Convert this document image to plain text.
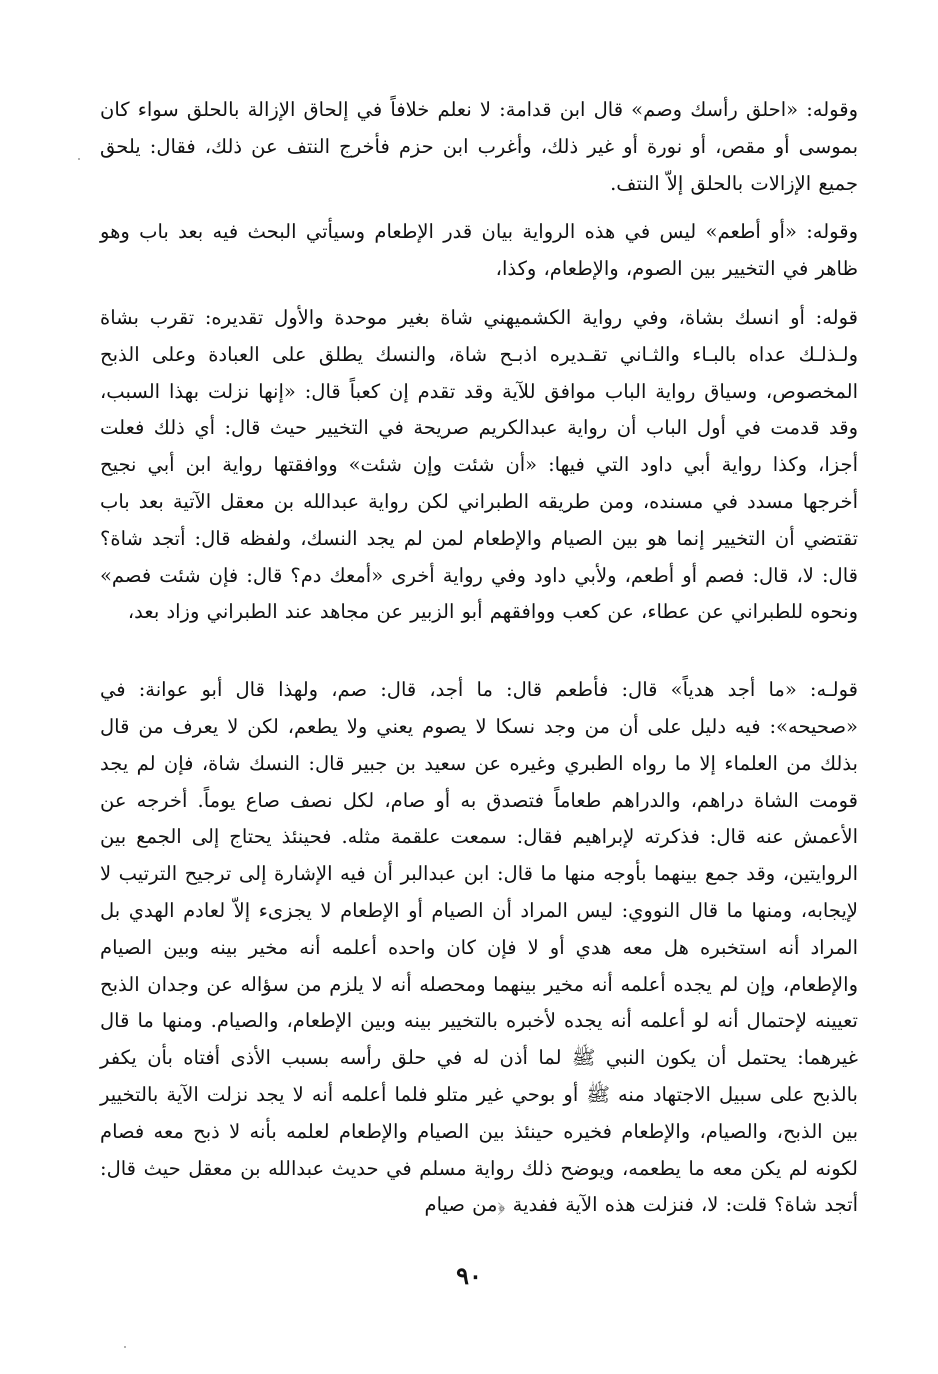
وقوله: «احلق رأسك وصم» قال ابن قدامة: لا نعلم خلافاً في إلحاق الإزالة بالحلق سواء كان بموسى أو مقص، أو نورة أو غير ذلك، وأغرب ابن حزم فأخرج النتف عن ذلك، فقال: يلحق جميع الإزالات بالحلق إلاّ النتف.

وقوله: «أو أطعم» ليس في هذه الرواية بيان قدر الإطعام وسيأتي البحث فيه بعد باب وهو ظاهر في التخيير بين الصوم، والإطعام، وكذا،

قوله: أو انسك بشاة، وفي رواية الكشميهني شاة بغير موحدة والأول تقديره: تقرب بشاة ولـذلـك عداه بالبـاء والثـاني تقـديره اذبـح شاة، والنسك يطلق على العبادة وعلى الذبح المخصوص، وسياق رواية الباب موافق للآية وقد تقدم إن كعباً قال: «إنها نزلت بهذا السبب، وقد قدمت في أول الباب أن رواية عبدالكريم صريحة في التخيير حيث قال: أي ذلك فعلت أجزا، وكذا رواية أبي داود التي فيها: «أن شئت وإن شئت» ووافقتها رواية ابن أبي نجيح أخرجها مسدد في مسنده، ومن طريقه الطبراني لكن رواية عبدالله بن معقل الآتية بعد باب تقتضي أن التخيير إنما هو بين الصيام والإطعام لمن لم يجد النسك، ولفظه قال: أتجد شاة؟ قال: لا، قال: فصم أو أطعم، ولأبي داود وفي رواية أخرى «أمعك دم؟ قال: فإن شئت فصم» ونحوه للطبراني عن عطاء، عن كعب ووافقهم أبو الزبير عن مجاهد عند الطبراني وزاد بعد،

قولـه: «ما أجد هدياً» قال: فأطعم قال: ما أجد، قال: صم، ولهذا قال أبو عوانة: في «صحيحه»: فيه دليل على أن من وجد نسكا لا يصوم يعني ولا يطعم، لكن لا يعرف من قال بذلك من العلماء إلا ما رواه الطبري وغيره عن سعيد بن جبير قال: النسك شاة، فإن لم يجد قومت الشاة دراهم، والدراهم طعاماً فتصدق به أو صام، لكل نصف صاع يوماً. أخرجه عن الأعمش عنه قال: فذكرته لإبراهيم فقال: سمعت علقمة مثله. فحينئذ يحتاج إلى الجمع بين الروايتين، وقد جمع بينهما بأوجه منها ما قال: ابن عبدالبر أن فيه الإشارة إلى ترجيح الترتيب لا لإيجابه، ومنها ما قال النووي: ليس المراد أن الصيام أو الإطعام لا يجزىء إلاّ لعادم الهدي بل المراد أنه استخبره هل معه هدي أو لا فإن كان واحده أعلمه أنه مخير بينه وبين الصيام والإطعام، وإن لم يجده أعلمه أنه مخير بينهما ومحصله أنه لا يلزم من سؤاله عن وجدان الذبح تعيينه لإحتمال أنه لو أعلمه أنه يجده لأخبره بالتخيير بينه وبين الإطعام، والصيام. ومنها ما قال غيرهما: يحتمل أن يكون النبي ﷺ لما أذن له في حلق رأسه بسبب الأذى أفتاه بأن يكفر بالذبح على سبيل الاجتهاد منه ﷺ أو بوحي غير متلو فلما أعلمه أنه لا يجد نزلت الآية بالتخيير بين الذبح، والصيام، والإطعام فخيره حينئذ بين الصيام والإطعام لعلمه بأنه لا ذبح معه فصام لكونه لم يكن معه ما يطعمه، ويوضح ذلك رواية مسلم في حديث عبدالله بن معقل حيث قال: أتجد شاة؟ قلت: لا، فنزلت هذه الآية ففدية ﴿من صيام

٩٠
